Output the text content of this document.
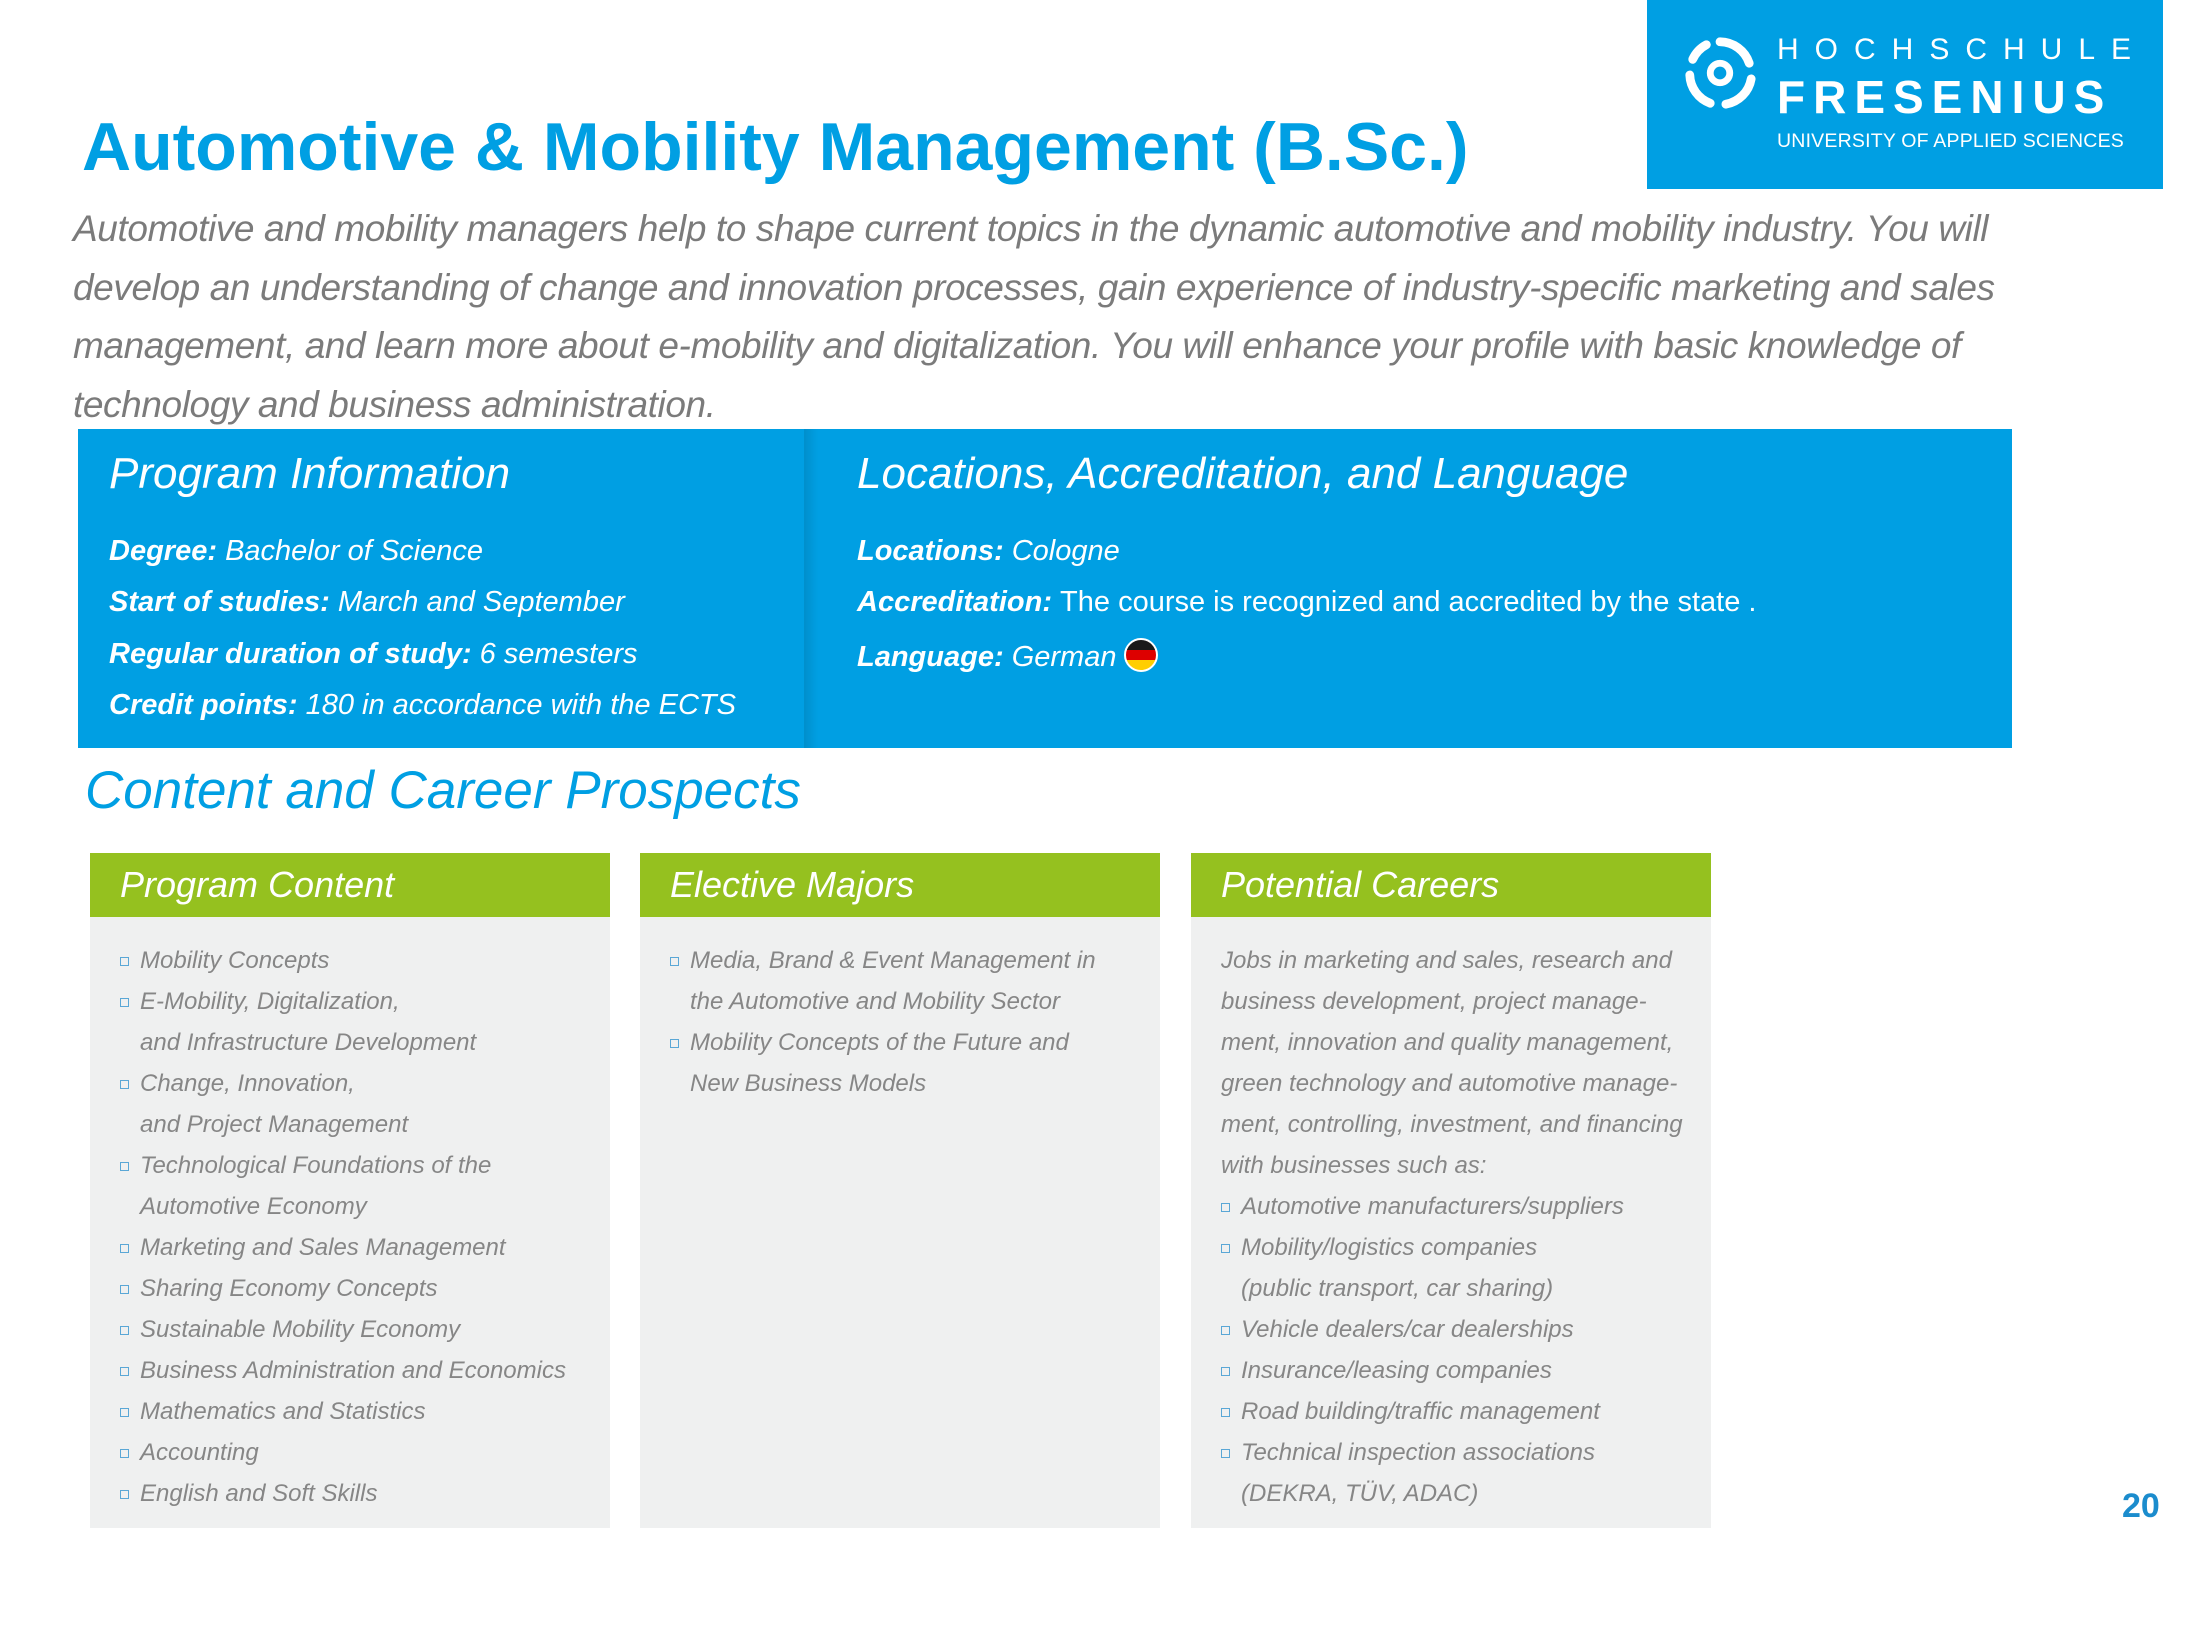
HOCHSCHULE
FRESENIUS
UNIVERSITY OF APPLIED SCIENCES
Automotive & Mobility Management (B.Sc.)

Automotive and mobility managers help to shape current topics in the dynamic automotive and mobility industry. You will develop an understanding of change and innovation processes, gain experience of industry-specific marketing and sales management, and learn more about e-mobility and digitalization. You will enhance your profile with basic knowledge of technology and business administration.

Program Information
Degree: Bachelor of Science
Start of studies: March and September
Regular duration of study: 6 semesters
Credit points: 180 in accordance with the ECTS
Locations, Accreditation, and Language
Locations: Cologne
Accreditation: The course is recognized and accredited by the state .
Language: German
Content and Career Prospects
Program Content
Mobility Concepts
E-Mobility, Digitalization,
and Infrastructure Development
Change, Innovation,
and Project Management
Technological Foundations of the
Automotive Economy
Marketing and Sales Management
Sharing Economy Concepts
Sustainable Mobility Economy
Business Administration and Economics
Mathematics and Statistics
Accounting
English and Soft Skills
Elective Majors
Media, Brand & Event Management in
the Automotive and Mobility Sector
Mobility Concepts of the Future and
New Business Models
Potential Careers
Jobs in marketing and sales, research and
business development, project manage-
ment, innovation and quality management,
green technology and automotive manage-
ment, controlling, investment, and financing
with businesses such as:
Automotive manufacturers/suppliers
Mobility/logistics companies
(public transport, car sharing)
Vehicle dealers/car dealerships
Insurance/leasing companies
Road building/traffic management
Technical inspection associations
(DEKRA, TÜV, ADAC)	20
